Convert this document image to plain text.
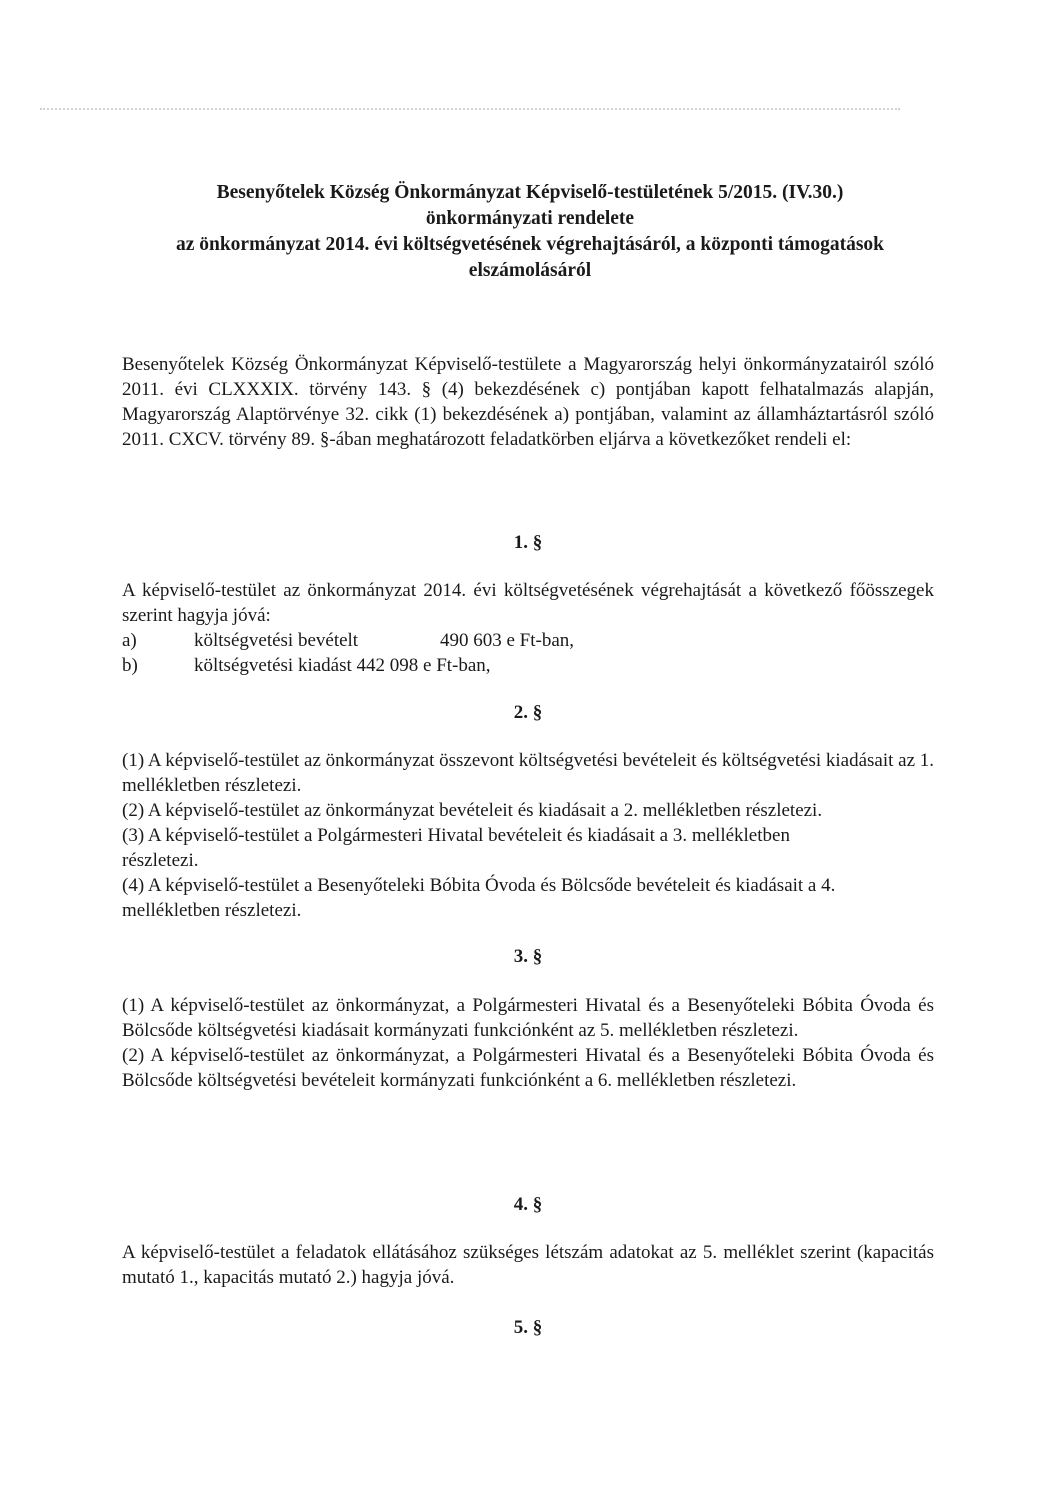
Besenyőtelek Község Önkormányzat Képviselő-testületének 5/2015. (IV.30.)
önkormányzati rendelete
az önkormányzat 2014. évi költségvetésének végrehajtásáról, a központi támogatások
elszámolásáról

Besenyőtelek Község Önkormányzat Képviselő-testülete a Magyarország helyi önkormányzatairól szóló 2011. évi CLXXXIX. törvény 143. § (4) bekezdésének c) pontjában kapott felhatalmazás alapján, Magyarország Alaptörvénye 32. cikk (1) bekezdésének a) pontjában, valamint az államháztartásról szóló 2011. CXCV. törvény 89. §-ában meghatározott feladatkörben eljárva a következőket rendeli el:

1. §

A képviselő-testület az önkormányzat 2014. évi költségvetésének végrehajtását a következő főösszegek szerint hagyja jóvá:

a)	költségvetési bevételt	490 603 e Ft-ban,
b)	költségvetési kiadást 442 098 e Ft-ban,
2. §

(1) A képviselő-testület az önkormányzat összevont költségvetési bevételeit és költségvetési kiadásait az 1. mellékletben részletezi.

(2) A képviselő-testület az önkormányzat bevételeit és kiadásait a 2. mellékletben részletezi.

(3) A képviselő-testület a Polgármesteri Hivatal bevételeit és kiadásait a 3. mellékletben

részletezi.

(4) A képviselő-testület a Besenyőteleki Bóbita Óvoda és Bölcsőde bevételeit és kiadásait a 4.

mellékletben részletezi.

3. §

(1) A képviselő-testület az önkormányzat, a Polgármesteri Hivatal és a Besenyőteleki Bóbita Óvoda és Bölcsőde költségvetési kiadásait kormányzati funkciónként az 5. mellékletben részletezi.

(2) A képviselő-testület az önkormányzat, a Polgármesteri Hivatal és a Besenyőteleki Bóbita Óvoda és Bölcsőde költségvetési bevételeit kormányzati funkciónként a 6. mellékletben részletezi.

4. §

A képviselő-testület a feladatok ellátásához szükséges létszám adatokat az 5. melléklet szerint (kapacitás mutató 1., kapacitás mutató 2.) hagyja jóvá.

5. §
